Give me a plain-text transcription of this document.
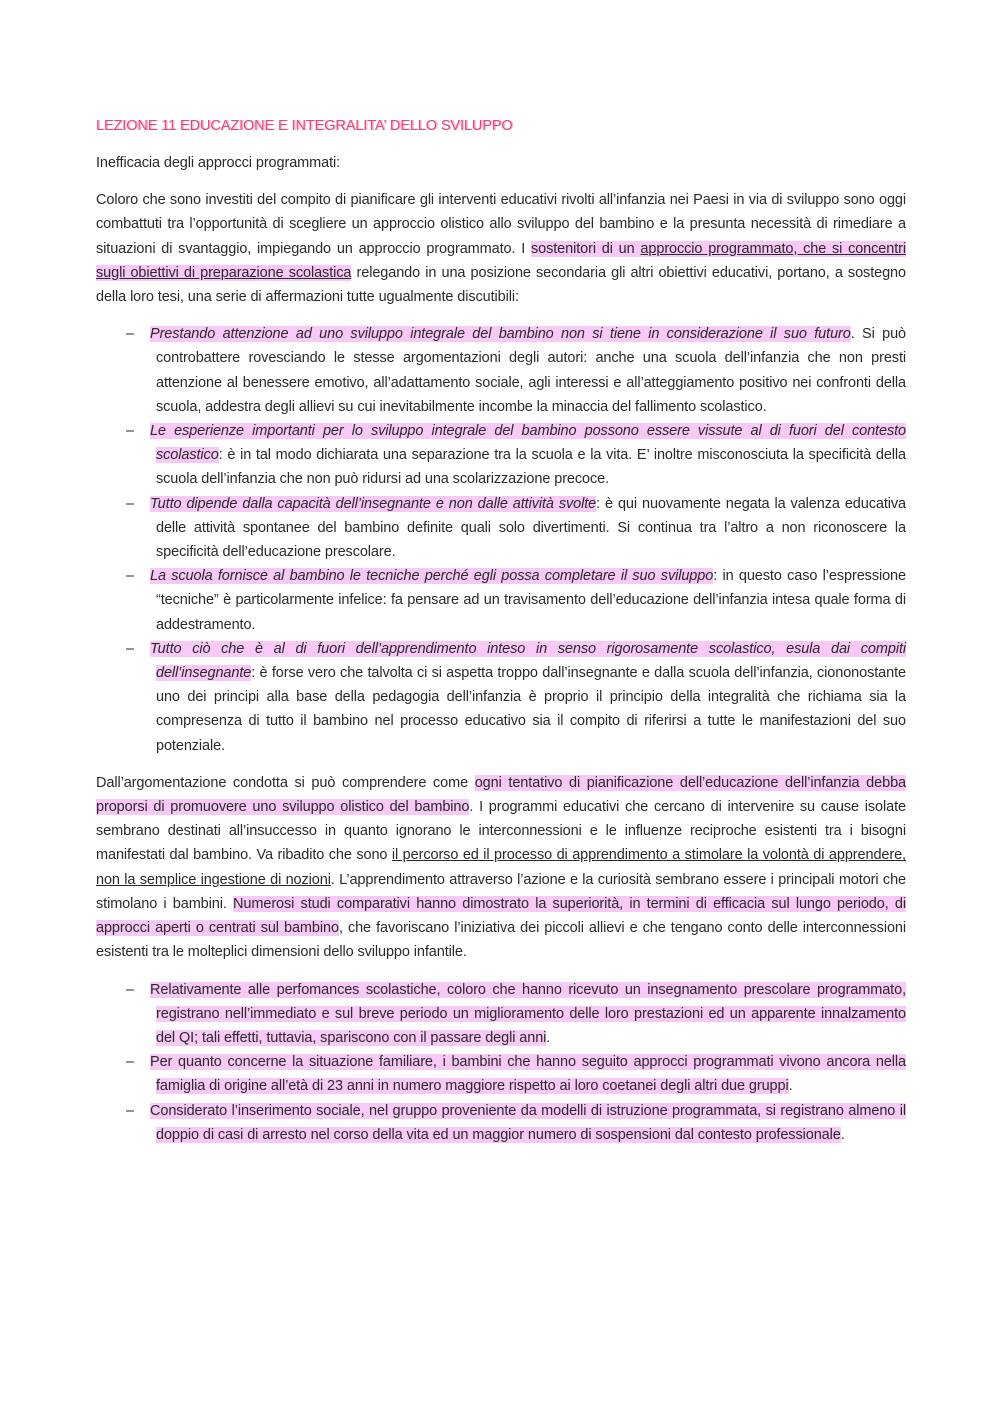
LEZIONE 11 EDUCAZIONE E INTEGRALITA’ DELLO SVILUPPO
Inefficacia degli approcci programmati:

Coloro che sono investiti del compito di pianificare gli interventi educativi rivolti all’infanzia nei Paesi in via di sviluppo sono oggi combattuti tra l’opportunità di scegliere un approccio olistico allo sviluppo del bambino e la presunta necessità di rimediare a situazioni di svantaggio, impiegando un approccio programmato. I sostenitori di un approccio programmato, che si concentri sugli obiettivi di preparazione scolastica relegando in una posizione secondaria gli altri obiettivi educativi, portano, a sostegno della loro tesi, una serie di affermazioni tutte ugualmente discutibili:

– Prestando attenzione ad uno sviluppo integrale del bambino non si tiene in considerazione il suo futuro. Si può controbattere rovesciando le stesse argomentazioni degli autori: anche una scuola dell’infanzia che non presti attenzione al benessere emotivo, all’adattamento sociale, agli interessi e all’atteggiamento positivo nei confronti della scuola, addestra degli allievi su cui inevitabilmente incombe la minaccia del fallimento scolastico.
– Le esperienze importanti per lo sviluppo integrale del bambino possono essere vissute al di fuori del contesto scolastico: è in tal modo dichiarata una separazione tra la scuola e la vita. E’ inoltre misconosciuta la specificità della scuola dell’infanzia che non può ridursi ad una scolarizzazione precoce.
– Tutto dipende dalla capacità dell’insegnante e non dalle attività svolte: è qui nuovamente negata la valenza educativa delle attività spontanee del bambino definite quali solo divertimenti. Si continua tra l’altro a non riconoscere la specificità dell’educazione prescolare.
– La scuola fornisce al bambino le tecniche perché egli possa completare il suo sviluppo: in questo caso l’espressione “tecniche” è particolarmente infelice: fa pensare ad un travisamento dell’educazione dell’infanzia intesa quale forma di addestramento.
– Tutto ciò che è al di fuori dell’apprendimento inteso in senso rigorosamente scolastico, esula dai compiti dell’insegnante: è forse vero che talvolta ci si aspetta troppo dall’insegnante e dalla scuola dell’infanzia, ciononostante uno dei principi alla base della pedagogia dell’infanzia è proprio il principio della integralità che richiama sia la compresenza di tutto il bambino nel processo educativo sia il compito di riferirsi a tutte le manifestazioni del suo potenziale.

Dall’argomentazione condotta si può comprendere come ogni tentativo di pianificazione dell’educazione dell’infanzia debba proporsi di promuovere uno sviluppo olistico del bambino. I programmi educativi che cercano di intervenire su cause isolate sembrano destinati all’insuccesso in quanto ignorano le interconnessioni e le influenze reciproche esistenti tra i bisogni manifestati dal bambino. Va ribadito che sono il percorso ed il processo di apprendimento a stimolare la volontà di apprendere, non la semplice ingestione di nozioni. L’apprendimento attraverso l’azione e la curiosità sembrano essere i principali motori che stimolano i bambini. Numerosi studi comparativi hanno dimostrato la superiorità, in termini di efficacia sul lungo periodo, di approcci aperti o centrati sul bambino, che favoriscano l’iniziativa dei piccoli allievi e che tengano conto delle interconnessioni esistenti tra le molteplici dimensioni dello sviluppo infantile.

– Relativamente alle perfomances scolastiche, coloro che hanno ricevuto un insegnamento prescolare programmato, registrano nell’immediato e sul breve periodo un miglioramento delle loro prestazioni ed un apparente innalzamento del QI; tali effetti, tuttavia, spariscono con il passare degli anni.
– Per quanto concerne la situazione familiare, i bambini che hanno seguito approcci programmati vivono ancora nella famiglia di origine all’età di 23 anni in numero maggiore rispetto ai loro coetanei degli altri due gruppi.
– Considerato l’inserimento sociale, nel gruppo proveniente da modelli di istruzione programmata, si registrano almeno il doppio di casi di arresto nel corso della vita ed un maggior numero di sospensioni dal contesto professionale.
